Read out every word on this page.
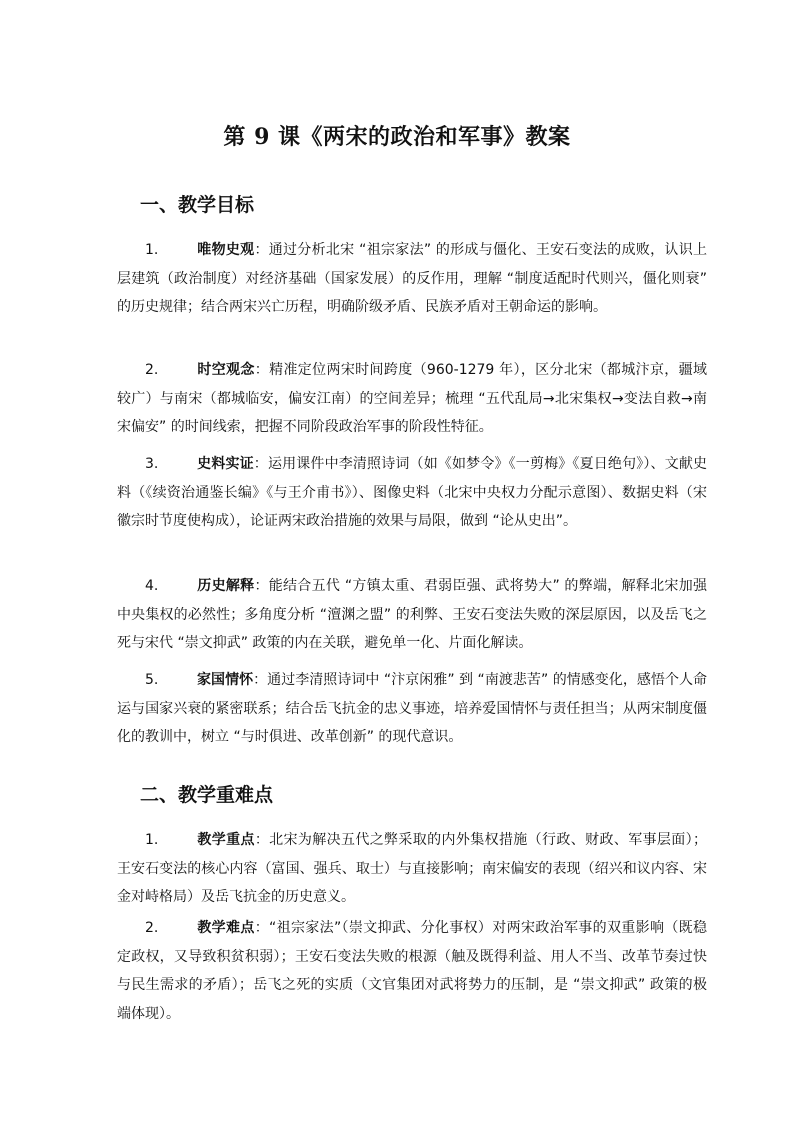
第 9 课《两宋的政治和军事》教案
一、教学目标
1.	唯物史观：通过分析北宋 “祖宗家法” 的形成与僵化、王安石变法的成败，认识上层建筑（政治制度）对经济基础（国家发展）的反作用，理解 “制度适配时代则兴，僵化则衰” 的历史规律；结合两宋兴亡历程，明确阶级矛盾、民族矛盾对王朝命运的影响。
2.	时空观念：精准定位两宋时间跨度（960-1279 年），区分北宋（都城汴京，疆域较广）与南宋（都城临安，偏安江南）的空间差异；梳理 “五代乱局→北宋集权→变法自救→南宋偏安” 的时间线索，把握不同阶段政治军事的阶段性特征。
3.	史料实证：运用课件中李清照诗词（如《如梦令》《一剪梅》《夏日绝句》）、文献史料（《续资治通鉴长编》《与王介甫书》）、图像史料（北宋中央权力分配示意图）、数据史料（宋徽宗时节度使构成），论证两宋政治措施的效果与局限，做到 “论从史出”。
4.	历史解释：能结合五代 “方镇太重、君弱臣强、武将势大” 的弊端，解释北宋加强中央集权的必然性；多角度分析 “澶渊之盟” 的利弊、王安石变法失败的深层原因，以及岳飞之死与宋代 “崇文抑武” 政策的内在关联，避免单一化、片面化解读。
5.	家国情怀：通过李清照诗词中 “汴京闲雅” 到 “南渡悲苦” 的情感变化，感悟个人命运与国家兴衰的紧密联系；结合岳飞抗金的忠义事迹，培养爱国情怀与责任担当；从两宋制度僵化的教训中，树立 “与时俱进、改革创新” 的现代意识。
二、教学重难点
1.	教学重点：北宋为解决五代之弊采取的内外集权措施（行政、财政、军事层面）；王安石变法的核心内容（富国、强兵、取士）与直接影响；南宋偏安的表现（绍兴和议内容、宋金对峙格局）及岳飞抗金的历史意义。
2.	教学难点：“祖宗家法”（崇文抑武、分化事权）对两宋政治军事的双重影响（既稳定政权，又导致积贫积弱）；王安石变法失败的根源（触及既得利益、用人不当、改革节奏过快与民生需求的矛盾）；岳飞之死的实质（文官集团对武将势力的压制，是 “崇文抑武” 政策的极端体现）。
